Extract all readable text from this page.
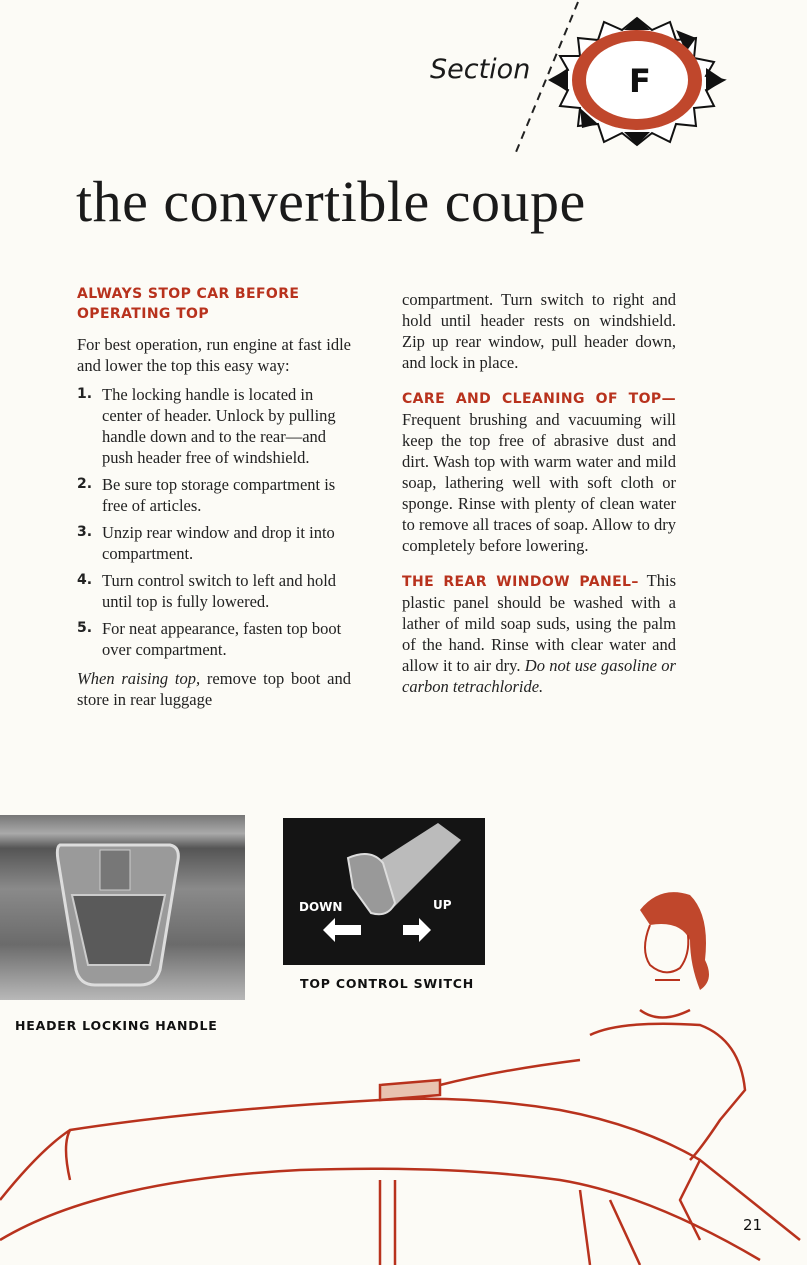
F
Section
the convertible coupe
ALWAYS STOP CAR BEFORE OPERATING TOP

For best operation, run engine at fast idle and lower the top this easy way:

1. The locking handle is located in center of header. Unlock by pulling handle down and to the rear—and push header free of windshield.
2. Be sure top storage compartment is free of articles.
3. Unzip rear window and drop it into compartment.
4. Turn control switch to left and hold until top is fully lowered.
5. For neat appearance, fasten top boot over compartment.

When raising top, remove top boot and store in rear luggage

compartment. Turn switch to right and hold until header rests on windshield. Zip up rear window, pull header down, and lock in place.

CARE AND CLEANING OF TOP— Frequent brushing and vacuuming will keep the top free of abrasive dust and dirt. Wash top with warm water and mild soap, lathering well with soft cloth or sponge. Rinse with plenty of clean water to remove all traces of soap. Allow to dry completely before lowering.

THE REAR WINDOW PANEL– This plastic panel should be washed with a lather of mild soap suds, using the palm of the hand. Rinse with clear water and allow it to air dry. Do not use gasoline or carbon tetrachloride.

HEADER LOCKING HANDLE
DOWN	UP
TOP CONTROL SWITCH
21
